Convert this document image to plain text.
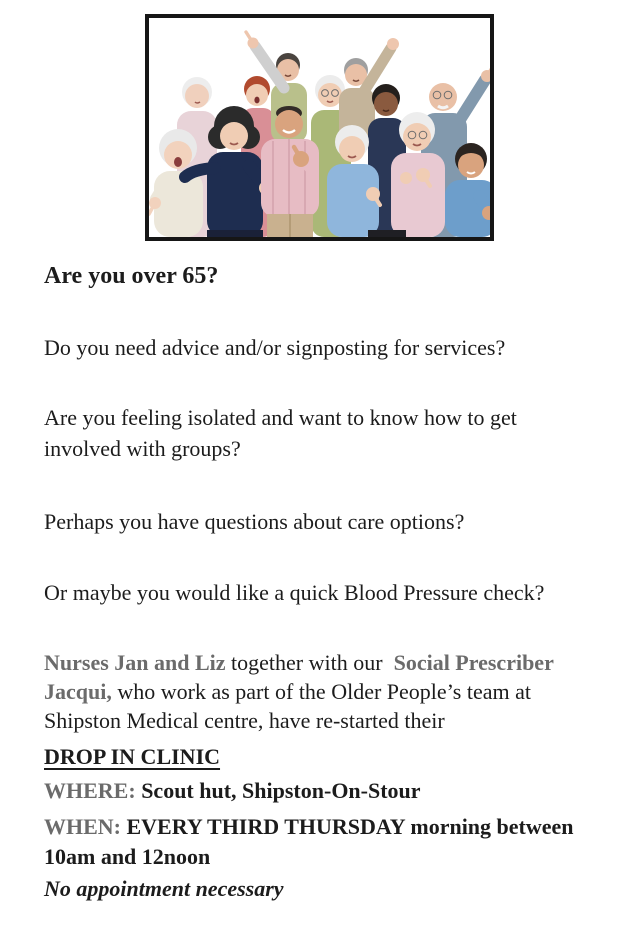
Are you over 65?
Do you need advice and/or signposting for services?
Are you feeling isolated and want to know how to get
involved with groups?
Perhaps you have questions about care options?
Or maybe you would like a quick Blood Pressure check?
Nurses Jan and Liz together with our  Social Prescriber
Jacqui, who work as part of the Older People’s team at
Shipston Medical centre, have re-started their
DROP IN CLINIC
WHERE: Scout hut, Shipston-On-Stour
WHEN: EVERY THIRD THURSDAY morning between
10am and 12noon
No appointment necessary
